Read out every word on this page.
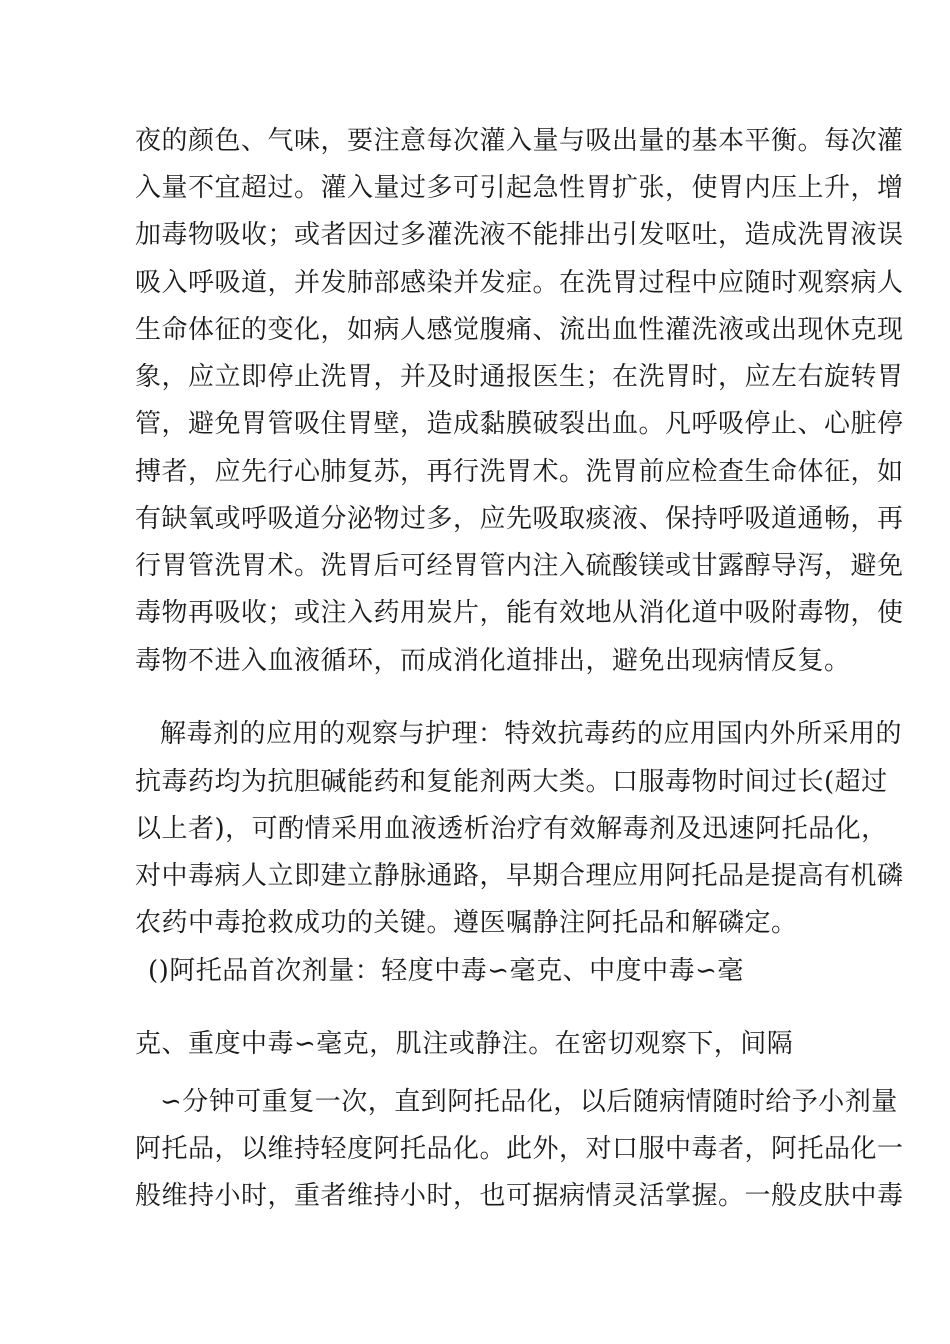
夜的颜色、气味，要注意每次灌入量与吸出量的基本平衡。每次灌

入量不宜超过。灌入量过多可引起急性胃扩张，使胃内压上升，增

加毒物吸收；或者因过多灌洗液不能排出引发呕吐，造成洗胃液误

吸入呼吸道，并发肺部感染并发症。在洗胃过程中应随时观察病人

生命体征的变化，如病人感觉腹痛、流出血性灌洗液或出现休克现

象，应立即停止洗胃，并及时通报医生；在洗胃时，应左右旋转胃

管，避免胃管吸住胃壁，造成黏膜破裂出血。凡呼吸停止、心脏停

搏者，应先行心肺复苏，再行洗胃术。洗胃前应检查生命体征，如

有缺氧或呼吸道分泌物过多，应先吸取痰液、保持呼吸道通畅，再

行胃管洗胃术。洗胃后可经胃管内注入硫酸镁或甘露醇导泻，避免

毒物再吸收；或注入药用炭片，能有效地从消化道中吸附毒物，使

毒物不进入血液循环，而成消化道排出，避免出现病情反复。

解毒剂的应用的观察与护理：特效抗毒药的应用国内外所采用的

抗毒药均为抗胆碱能药和复能剂两大类。口服毒物时间过长(超过

以上者)，可酌情采用血液透析治疗有效解毒剂及迅速阿托品化，

对中毒病人立即建立静脉通路，早期合理应用阿托品是提高有机磷

农药中毒抢救成功的关键。遵医嘱静注阿托品和解磷定。

()阿托品首次剂量：轻度中毒∽毫克、中度中毒∽毫

克、重度中毒∽毫克，肌注或静注。在密切观察下，间隔

∽分钟可重复一次，直到阿托品化，以后随病情随时给予小剂量

阿托品，以维持轻度阿托品化。此外，对口服中毒者，阿托品化一

般维持小时，重者维持小时，也可据病情灵活掌握。一般皮肤中毒
